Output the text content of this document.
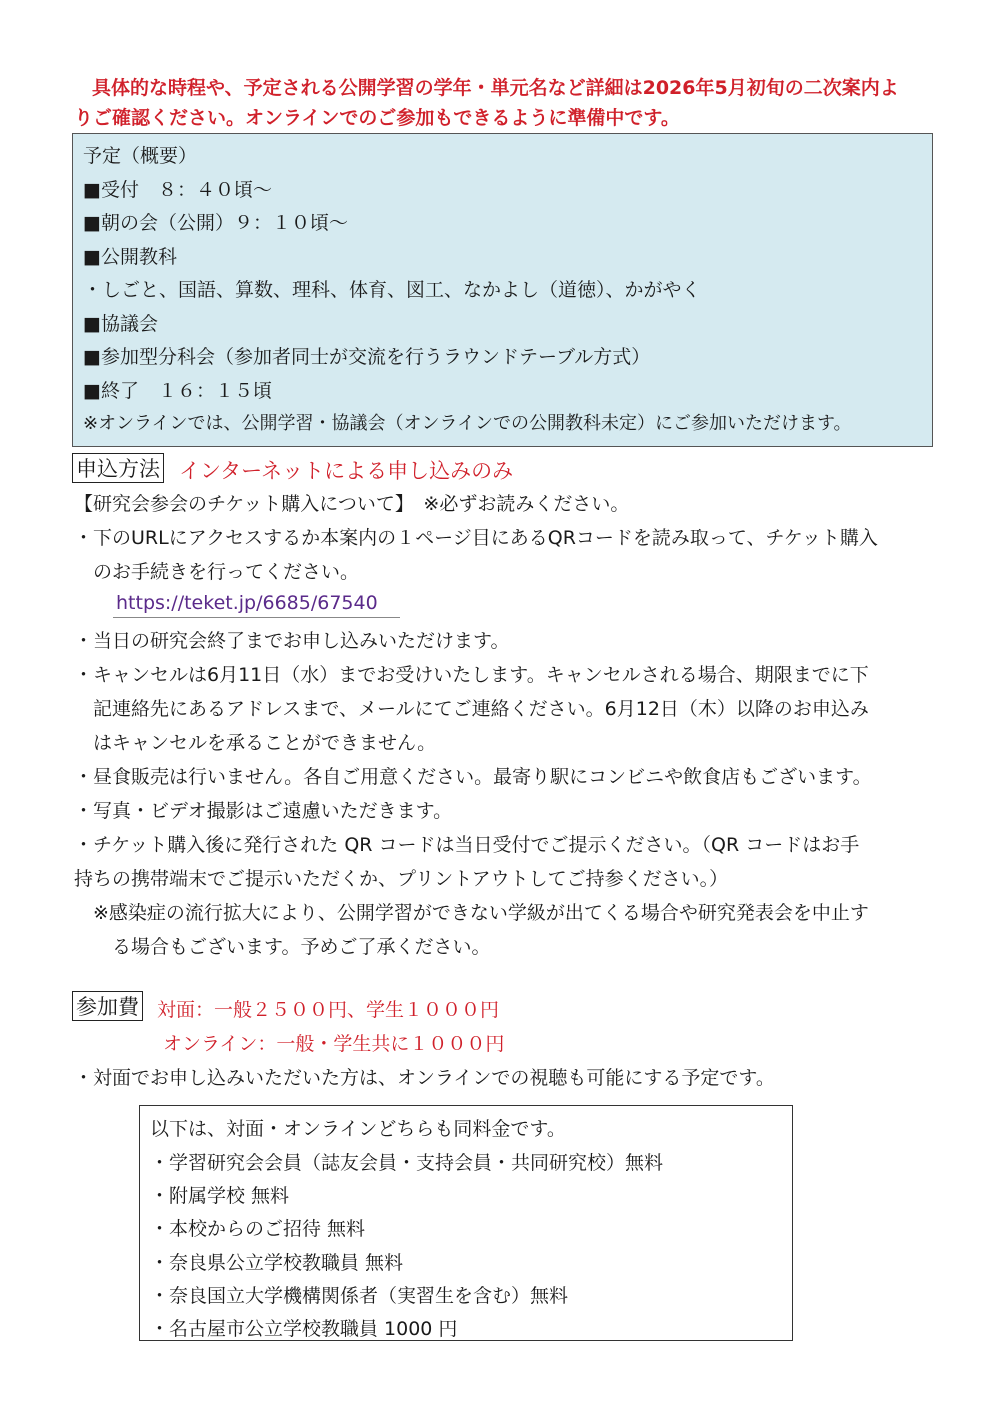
具体的な時程や、予定される公開学習の学年・単元名など詳細は2026年5月初旬の二次案内よ
りご確認ください。オンラインでのご参加もできるように準備中です。
予定（概要）
■受付　８：４０頃～
■朝の会（公開）９：１０頃～
■公開教科
・しごと、国語、算数、理科、体育、図工、なかよし（道徳）、かがやく
■協議会
■参加型分科会（参加者同士が交流を行うラウンドテーブル方式）
■終了　１６：１５頃
※オンラインでは、公開学習・協議会（オンラインでの公開教科未定）にご参加いただけます。
申込方法 インターネットによる申し込みのみ
【研究会参会のチケット購入について】　※必ずお読みください。
・下のURLにアクセスするか本案内の１ページ目にあるQRコードを読み取って、チケット購入
のお手続きを行ってください。
https://teket.jp/6685/67540
・当日の研究会終了までお申し込みいただけます。
・キャンセルは6月11日（水）までお受けいたします。キャンセルされる場合、期限までに下
記連絡先にあるアドレスまで、メールにてご連絡ください。6月12日（木）以降のお申込み
はキャンセルを承ることができません。
・昼食販売は行いません。各自ご用意ください。最寄り駅にコンビニや飲食店もございます。
・写真・ビデオ撮影はご遠慮いただきます。
・チケット購入後に発行された QR コードは当日受付でご提示ください。（QR コードはお手
持ちの携帯端末でご提示いただくか、プリントアウトしてご持参ください。）
※感染症の流行拡大により、公開学習ができない学級が出てくる場合や研究発表会を中止す
る場合もございます。予めご了承ください。
参加費 対面：一般２５００円、学生１０００円
オンライン：一般・学生共に１０００円
・対面でお申し込みいただいた方は、オンラインでの視聴も可能にする予定です。
以下は、対面・オンラインどちらも同料金です。
・学習研究会会員（誌友会員・支持会員・共同研究校）無料
・附属学校 無料
・本校からのご招待 無料
・奈良県公立学校教職員 無料
・奈良国立大学機構関係者（実習生を含む）無料
・名古屋市公立学校教職員 1000 円
